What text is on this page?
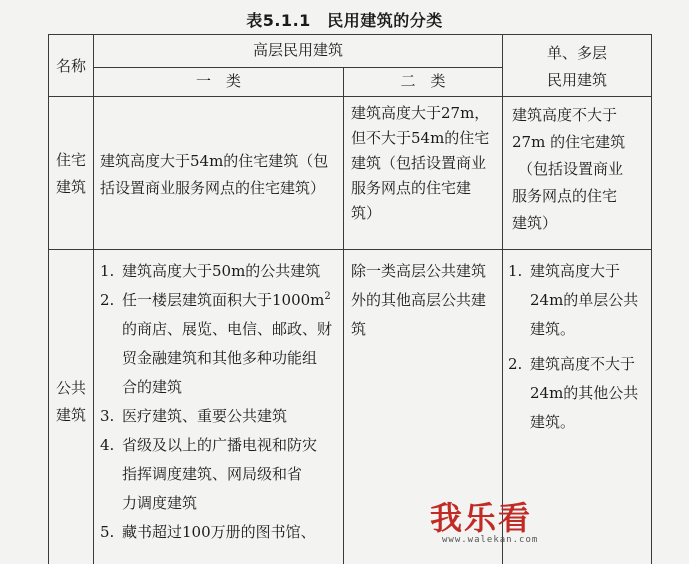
表5.1.1　民用建筑的分类
名称
高层民用建筑
一　类	二　类
单、多层
民用建筑
住宅
建筑
建筑高度大于54m的住宅建筑（包
括设置商业服务网点的住宅建筑）
建筑高度大于27m，
但不大于54m的住宅
建筑（包括设置商业
服务网点的住宅建
筑）
建筑高度不大于
27m 的住宅建筑
（包括设置商业
服务网点的住宅
建筑）
公共
建筑
1. 建筑高度大于50m的公共建筑
2. 任一楼层建筑面积大于$1000m^2$
的商店、展览、电信、邮政、财
贸金融建筑和其他多种功能组
合的建筑
3. 医疗建筑、重要公共建筑
4. 省级及以上的广播电视和防灾
指挥调度建筑、网局级和省
力调度建筑
5. 藏书超过100万册的图书馆、
除一类高层公共建筑
外的其他高层公共建
筑
1. 建筑高度大于
24m的单层公共
建筑。
2. 建筑高度不大于
24m的其他公共
建筑。
我乐看
www.walekan.com
